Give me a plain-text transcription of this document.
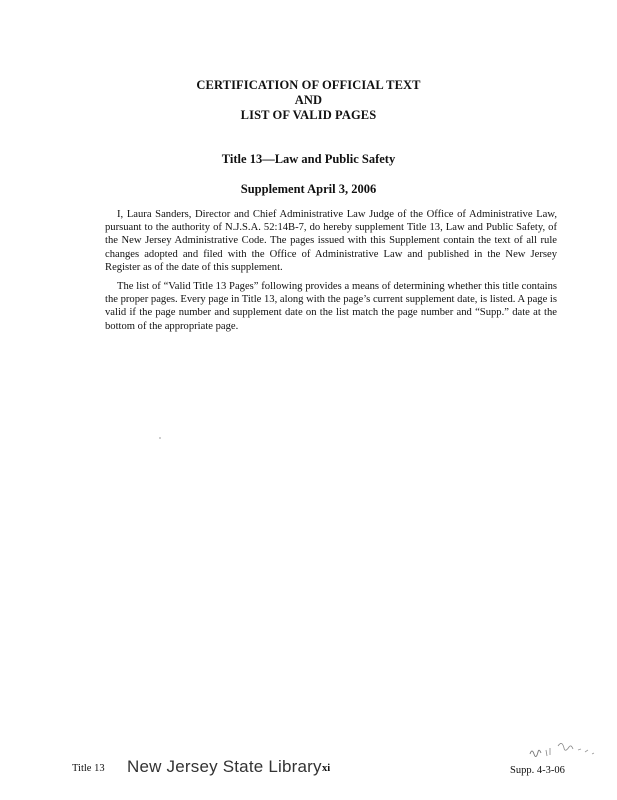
CERTIFICATION OF OFFICIAL TEXT
AND
LIST OF VALID PAGES
Title 13—Law and Public Safety
Supplement April 3, 2006

I, Laura Sanders, Director and Chief Administrative Law Judge of the Office of Administrative Law, pursuant to the authority of N.J.S.A. 52:14B-7, do hereby supplement Title 13, Law and Public Safety, of the New Jersey Administrative Code. The pages issued with this Supplement contain the text of all rule changes adopted and filed with the Office of Administrative Law and published in the New Jersey Register as of the date of this supplement.

The list of “Valid Title 13 Pages” following provides a means of determining whether this title contains the proper pages. Every page in Title 13, along with the page’s current supplement date, is listed. A page is valid if the page number and supplement date on the list match the page number and “Supp.” date at the bottom of the appropriate page.

Title 13 New Jersey State Library xi	Supp. 4-3-06
